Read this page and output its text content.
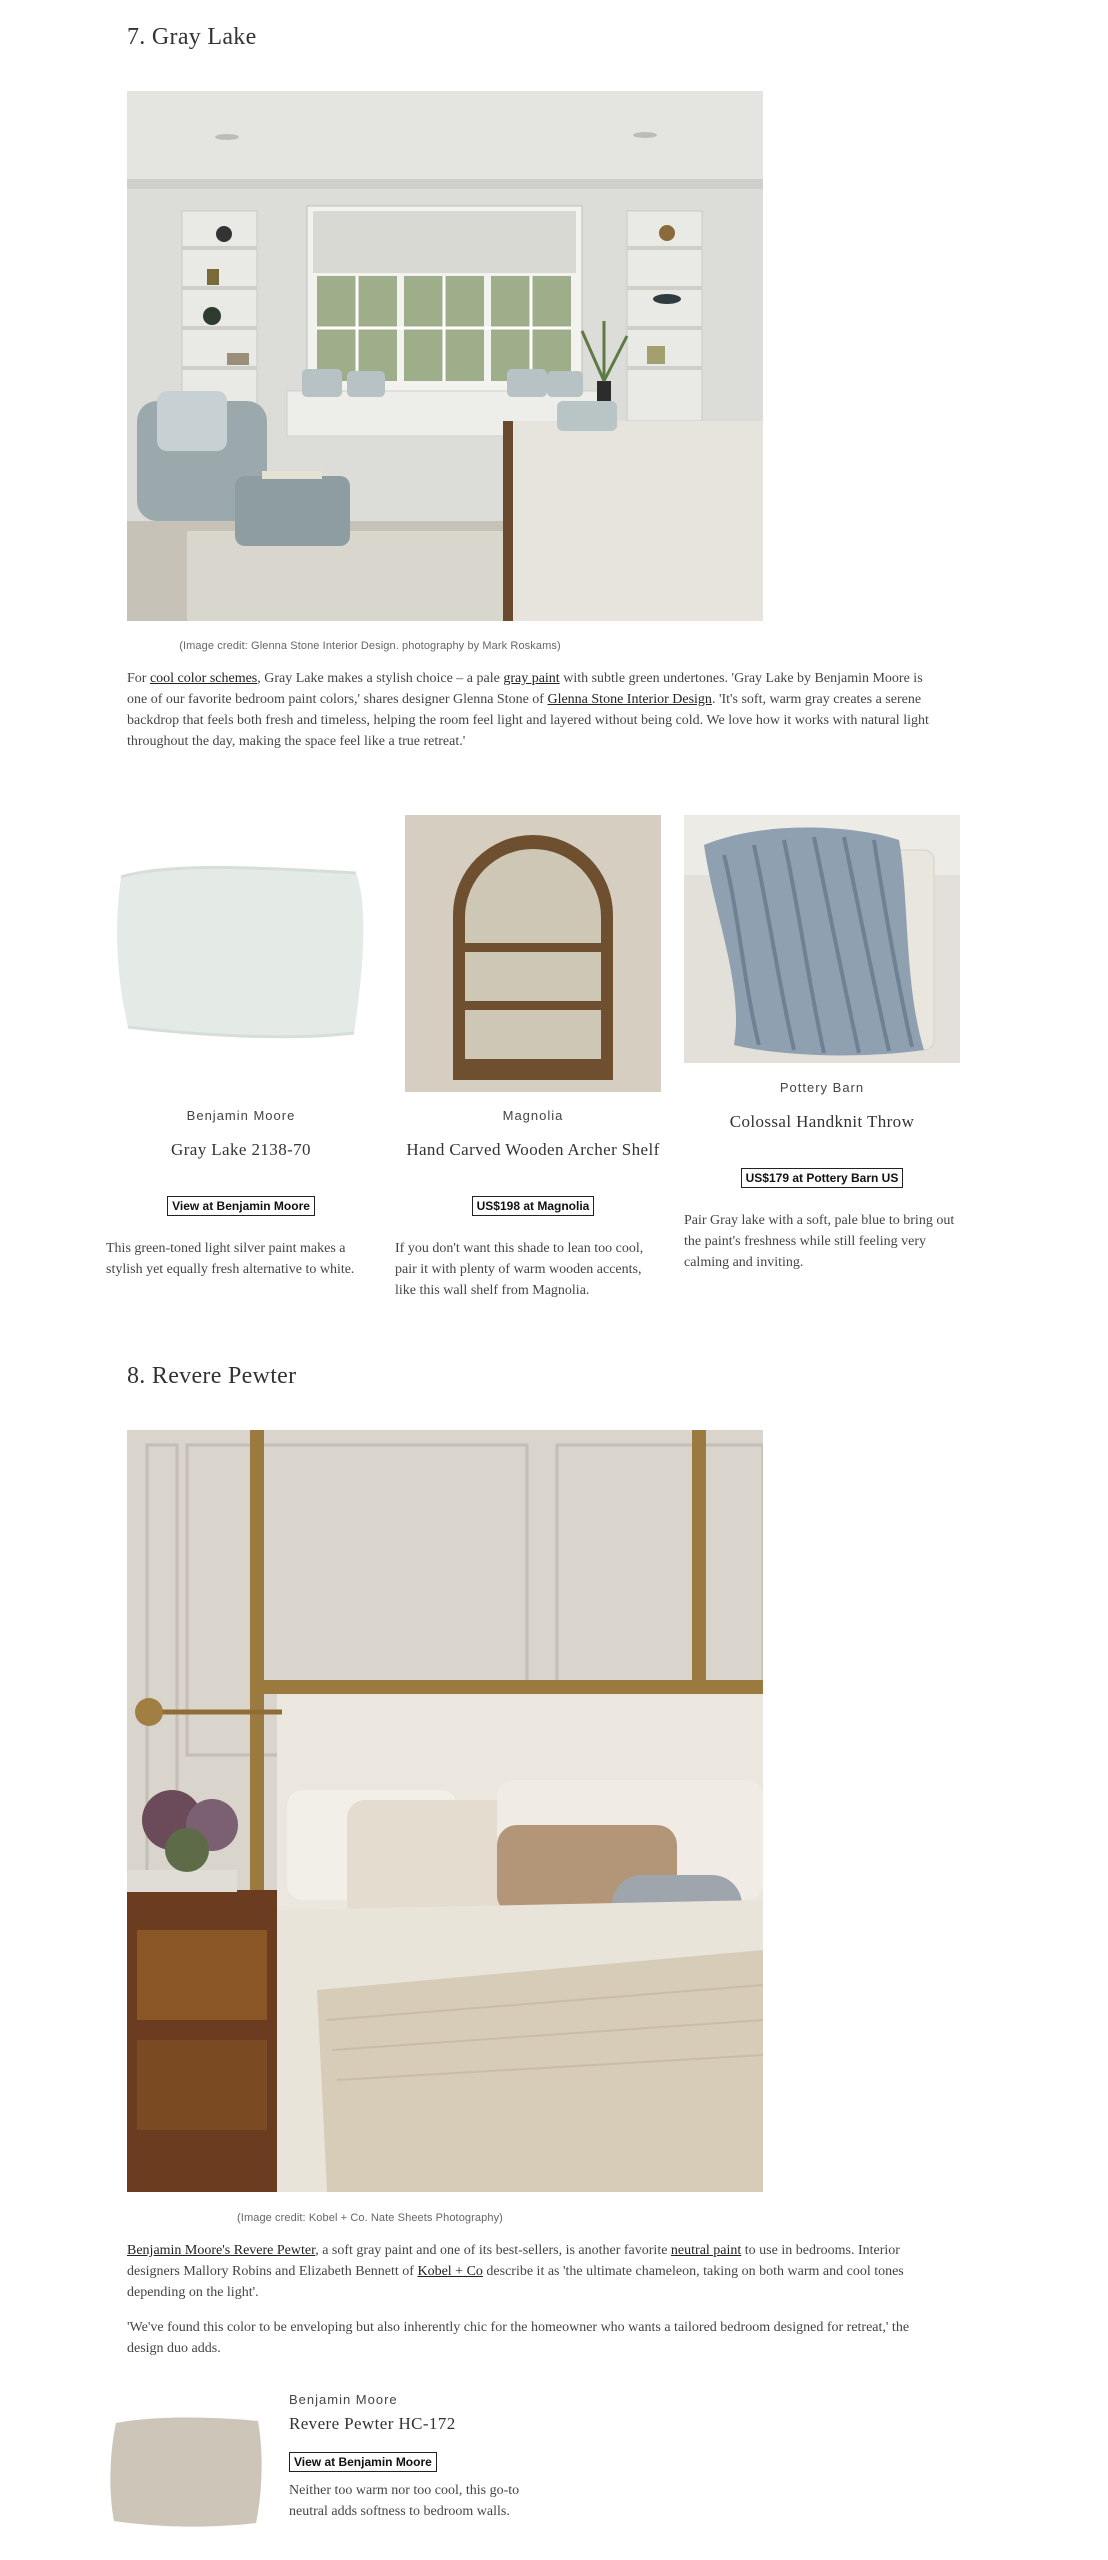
7. Gray Lake
(Image credit: Glenna Stone Interior Design. photography by Mark Roskams)

For cool color schemes, Gray Lake makes a stylish choice – a pale gray paint with subtle green undertones. 'Gray Lake by Benjamin Moore is one of our favorite bedroom paint colors,' shares designer Glenna Stone of Glenna Stone Interior Design. 'It's soft, warm gray creates a serene backdrop that feels both fresh and timeless, helping the room feel light and layered without being cold. We love how it works with natural light throughout the day, making the space feel like a true retreat.'

Benjamin Moore
Gray Lake 2138-70
View at Benjamin Moore

This green-toned light silver paint makes a stylish yet equally fresh alternative to white.

Magnolia
Hand Carved Wooden Archer Shelf
US$198 at Magnolia

If you don't want this shade to lean too cool, pair it with plenty of warm wooden accents, like this wall shelf from Magnolia.

Pottery Barn
Colossal Handknit Throw
US$179 at Pottery Barn US

Pair Gray lake with a soft, pale blue to bring out the paint's freshness while still feeling very calming and inviting.

8. Revere Pewter
(Image credit: Kobel + Co. Nate Sheets Photography)

Benjamin Moore's Revere Pewter, a soft gray paint and one of its best-sellers, is another favorite neutral paint to use in bedrooms. Interior designers Mallory Robins and Elizabeth Bennett of Kobel + Co describe it as 'the ultimate chameleon, taking on both warm and cool tones depending on the light'.

'We've found this color to be enveloping but also inherently chic for the homeowner who wants a tailored bedroom designed for retreat,' the design duo adds.

Benjamin Moore
Revere Pewter HC-172
View at Benjamin Moore

Neither too warm nor too cool, this go-to neutral adds softness to bedroom walls.
